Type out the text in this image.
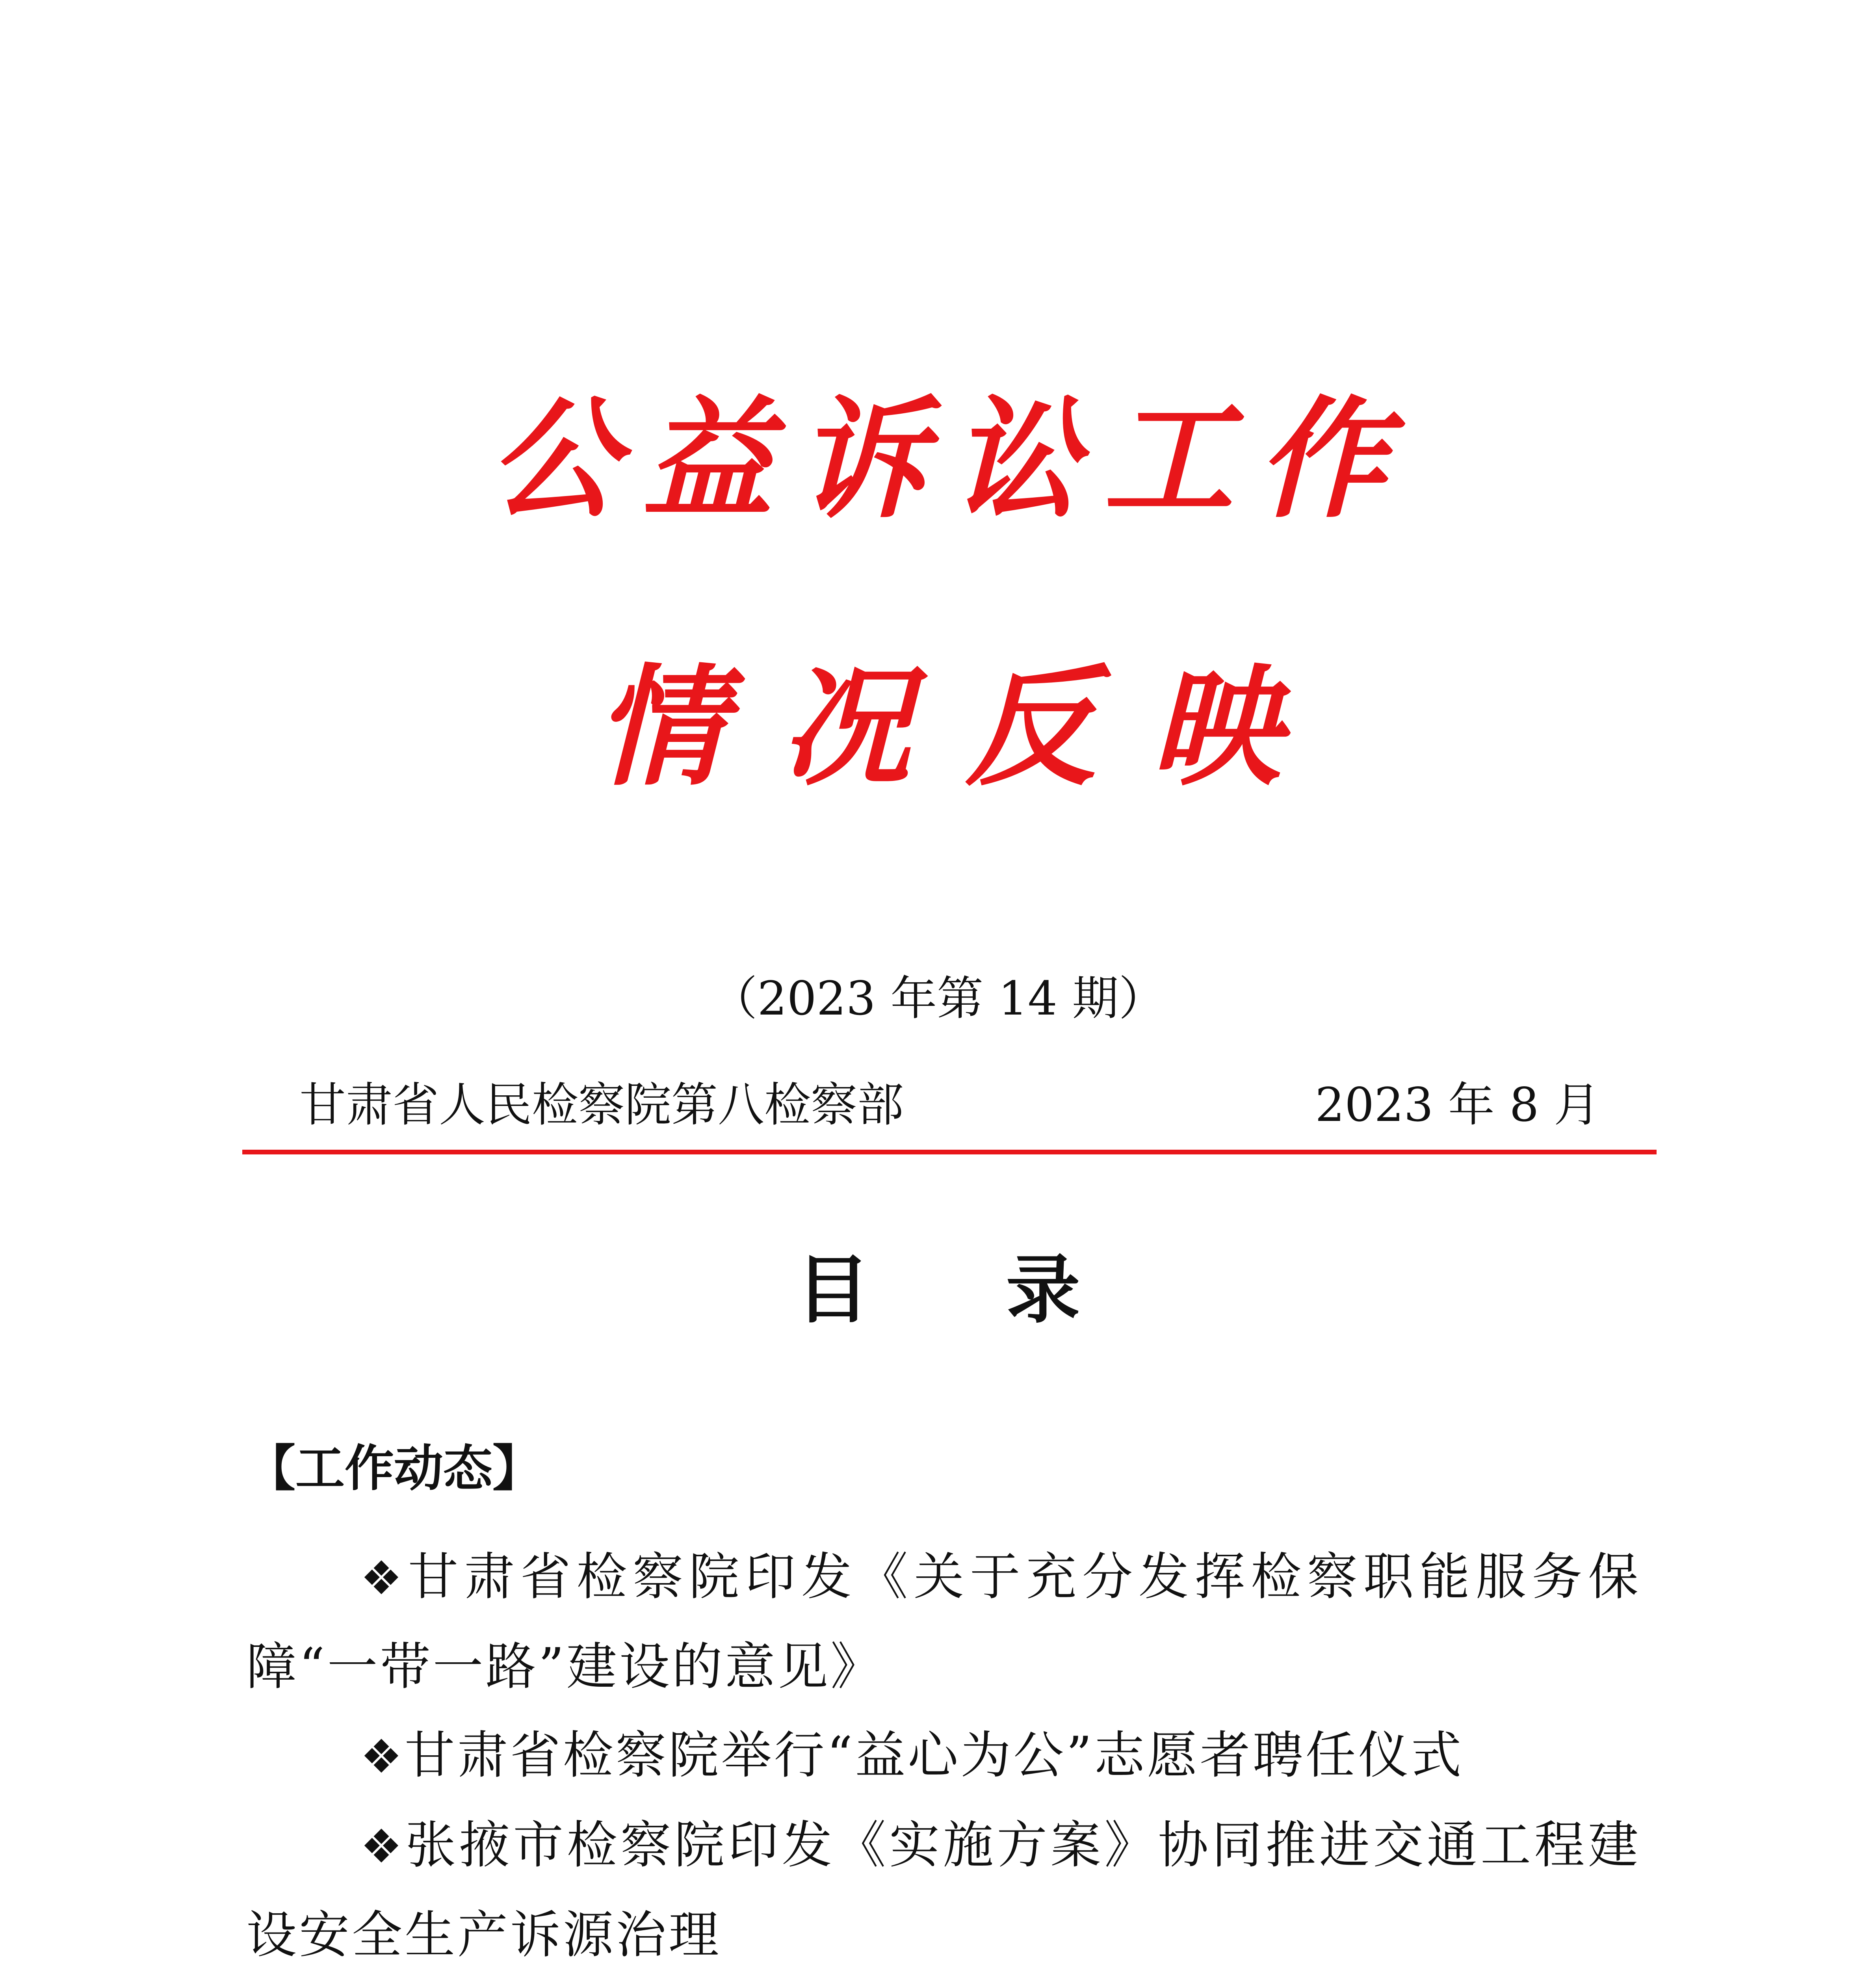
公益诉讼工作
情况反映
（2023 年第 14 期）
甘肃省人民检察院第八检察部	2023 年 8 月
目 录
【工作动态】
❖甘肃省检察院印发《关于充分发挥检察职能服务保障“一带一路”建设的意见》
❖甘肃省检察院举行“益心为公”志愿者聘任仪式
❖张掖市检察院印发《实施方案》协同推进交通工程建设安全生产诉源治理
